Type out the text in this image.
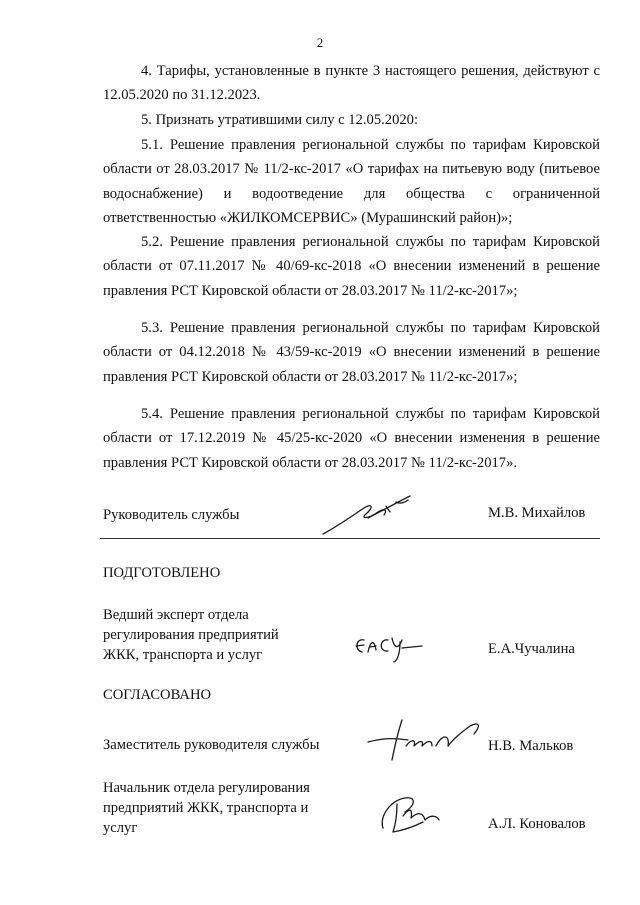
2

4. Тарифы, установленные в пункте 3 настоящего решения, действуют с 12.05.2020 по 31.12.2023.

5. Признать утратившими силу с 12.05.2020:

5.1. Решение правления региональной службы по тарифам Кировской области от 28.03.2017 № 11/2-кс-2017 «О тарифах на питьевую воду (питьевое водоснабжение) и водоотведение для общества с ограниченной ответственностью «ЖИЛКОМСЕРВИС» (Мурашинский район)»;

5.2. Решение правления региональной службы по тарифам Кировской области от 07.11.2017 № 40/69-кс-2018 «О внесении изменений в решение правления РСТ Кировской области от 28.03.2017 № 11/2-кс-2017»;

5.3. Решение правления региональной службы по тарифам Кировской области от 04.12.2018 № 43/59-кс-2019 «О внесении изменений в решение правления РСТ Кировской области от 28.03.2017 № 11/2-кс-2017»;

5.4. Решение правления региональной службы по тарифам Кировской области от 17.12.2019 № 45/25-кс-2020 «О внесении изменения в решение правления РСТ Кировской области от 28.03.2017 № 11/2-кс-2017».

Руководитель службы	М.В. Михайлов
ПОДГОТОВЛЕНО
Ведший эксперт отдела регулирования предприятий ЖКК, транспорта и услуг	Е.А.Чучалина
СОГЛАСОВАНО
Заместитель руководителя службы	Н.В. Мальков
Начальник отдела регулирования предприятий ЖКК, транспорта и услуг	А.Л. Коновалов
